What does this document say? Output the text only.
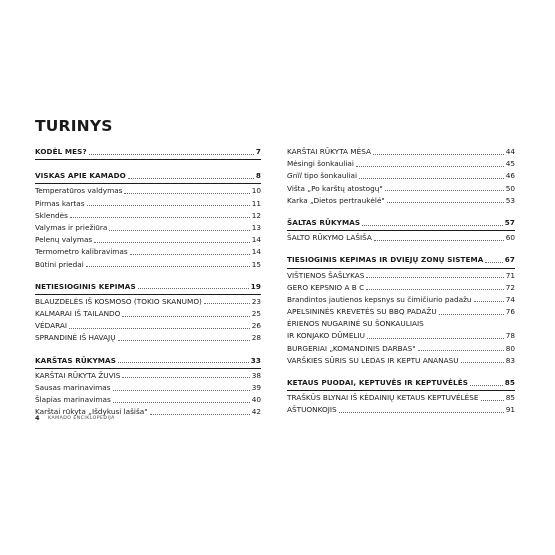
TURINYS
KODĖL MES?	7
VISKAS APIE KAMADO	8
Temperatūros valdymas	10
Pirmas kartas	11
Sklendės	12
Valymas ir priežiūra	13
Pelenų valymas	14
Termometro kalibravimas	14
Būtini priedai	15
NETIESIOGINIS KEPIMAS	19
BLAUZDELĖS IŠ KOSMOSO (TOKIO SKANUMO)	23
KALMARAI IŠ TAILANDO	25
VĖDARAI	26
SPRANDINĖ IŠ HAVAJŲ	28
KARŠTAS RŪKYMAS	33
KARŠTAI RŪKYTA ŽUVIS	38
Sausas marinavimas	39
Šlapias marinavimas	40
Karštai rūkyta „Išdykusi lašiša"	42
KARŠTAI RŪKYTA MĖSA	44
Mėsingi šonkauliai	45
Grill tipo šonkauliai	46
Vištа „Po karštų atostogų"	50
Karka „Dietos pertraukėlė"	53
ŠALTAS RŪKYMAS	57
ŠALTO RŪKYMO LAŠIŠA	60
TIESIOGINIS KEPIMAS IR DVIEJŲ ZONŲ SISTEMA	67
VIŠTIENOS ŠAŠLYKAS	71
GERO KEPSNIO A B C	72
Brandintos jautienos kepsnys su čimičiurio padažu	74
APELSININĖS KREVETĖS SU BBQ PADAŽU	76
ĖRIENOS NUGARINĖ SU ŠONKAULIAIS
IR KONJAKO DŪMELIU	78
BURGERIAI „KOMANDINIS DARBAS"	80
VARŠKIES SŪRIS SU LEDAS IR KEPTU ANANASU	83
KETAUS PUODAI, KEPTUVĖS IR KEPTUVĖLĖS	85
TRAŠKŪS BLYNAI IŠ KĖDAINIŲ KETAUS KEPTUVĖLĖSE	85
AŠTUONKOJIS	91
4 KAMADO ENCIKLOPEDIJA
